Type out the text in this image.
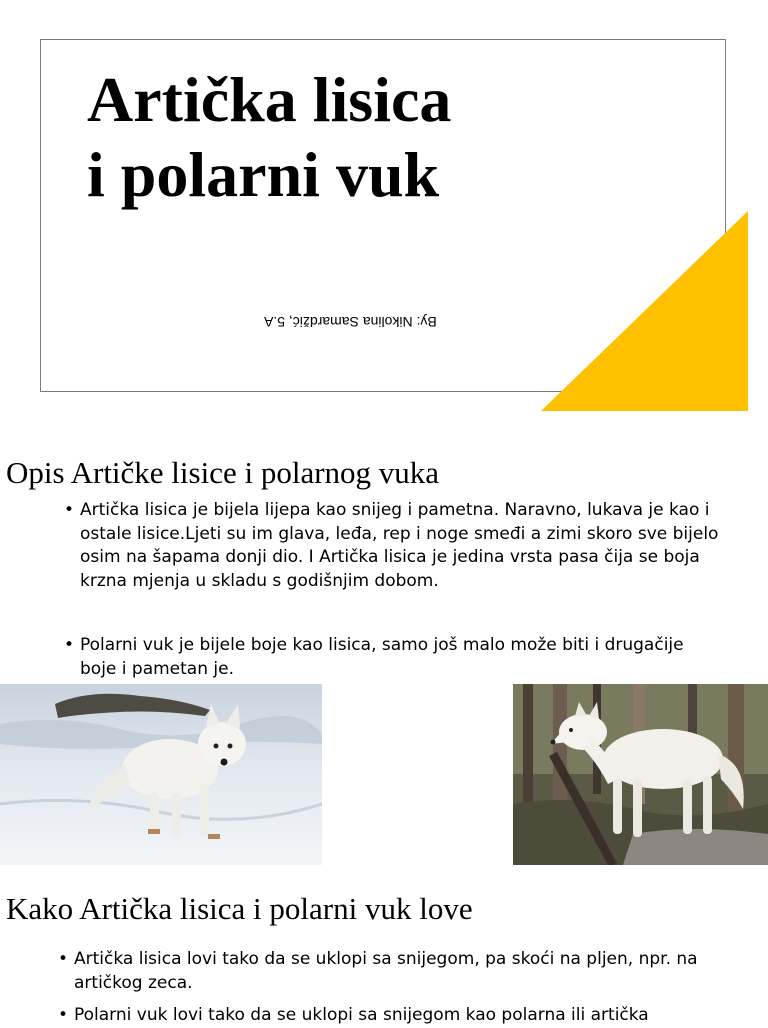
Artička lisica
i polarni vuk
By: Nikolina Samardžić, 5.A
Opis Artičke lisice i polarnog vuka
• Artička lisica je bijela lijepa kao snijeg i pametna. Naravno, lukava je kao i ostale lisice.Ljeti su im glava, leđa, rep i noge smeđi a zimi skoro sve bijelo osim na šapama donji dio. I Artička lisica je jedina vrsta pasa čija se boja krzna mjenja u skladu s godišnjim dobom.
• Polarni vuk je bijele boje kao lisica, samo još malo može biti i drugačije boje i pametan je.
Kako Artička lisica i polarni vuk love
• Artička lisica lovi tako da se uklopi sa snijegom, pa skoći na pljen, npr. na artičkog zeca.
• Polarni vuk lovi tako da se uklopi sa snijegom kao polarna ili artička
